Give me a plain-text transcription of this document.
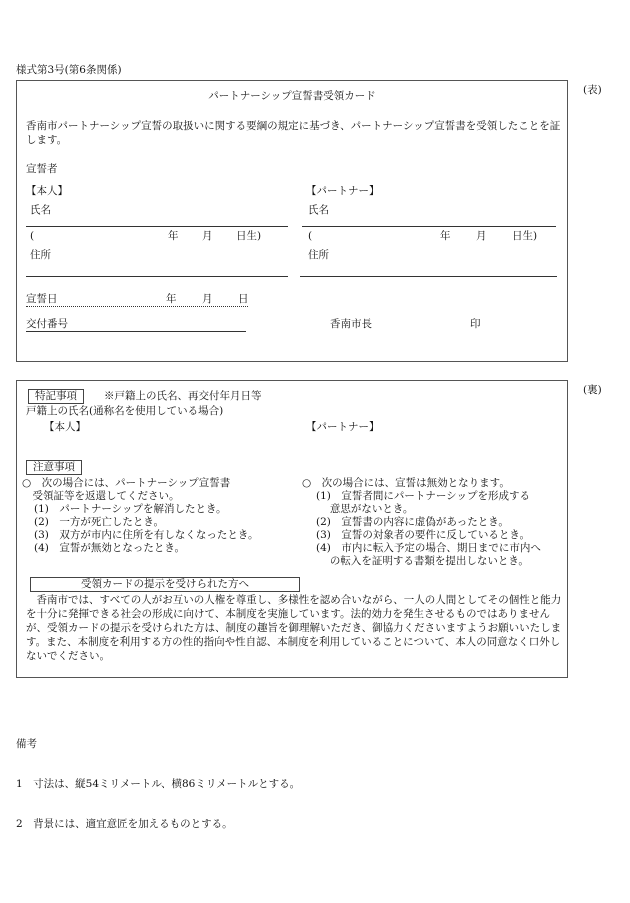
様式第3号(第6条関係)
(表)
パートナーシップ宣誓書受領カード
香南市パートナーシップ宣誓の取扱いに関する要綱の規定に基づき、パートナーシップ宣誓書を受領したことを証します。
宣誓者
【本人】
氏名
(	年 月 日生)
住所
【パートナー】
氏名
(	年 月 日生)
住所
宣誓日	年 月 日
交付番号	香南市長	印
(裏)
特記事項	※戸籍上の氏名、再交付年月日等
戸籍上の氏名(通称名を使用している場合)
【本人】	【パートナー】
注意事項
○　次の場合には、パートナーシップ宣誓書
　受領証等を返還してください。
(1)　パートナーシップを解消したとき。
(2)　一方が死亡したとき。
(3)　双方が市内に住所を有しなくなったとき。
(4)　宣誓が無効となったとき。
○　次の場合には、宣誓は無効となります。
(1)　宣誓者間にパートナーシップを形成する
　 意思がないとき。
(2)　宣誓書の内容に虚偽があったとき。
(3)　宣誓の対象者の要件に反しているとき。
(4)　市内に転入予定の場合、期日までに市内へ
　 の転入を証明する書類を提出しないとき。
受領カードの提示を受けられた方へ
　香南市では、すべての人がお互いの人権を尊重し、多様性を認め合いながら、一人の人間としてその個性と能力を十分に発揮できる社会の形成に向けて、本制度を実施しています。法的効力を発生させるものではありませんが、受領カードの提示を受けられた方は、制度の趣旨を御理解いただき、御協力くださいますようお願いいたします。また、本制度を利用する方の性的指向や性自認、本制度を利用していることについて、本人の同意なく口外しないでください。
備考
1　寸法は、縦54ミリメートル、横86ミリメートルとする。
2　背景には、適宜意匠を加えるものとする。
